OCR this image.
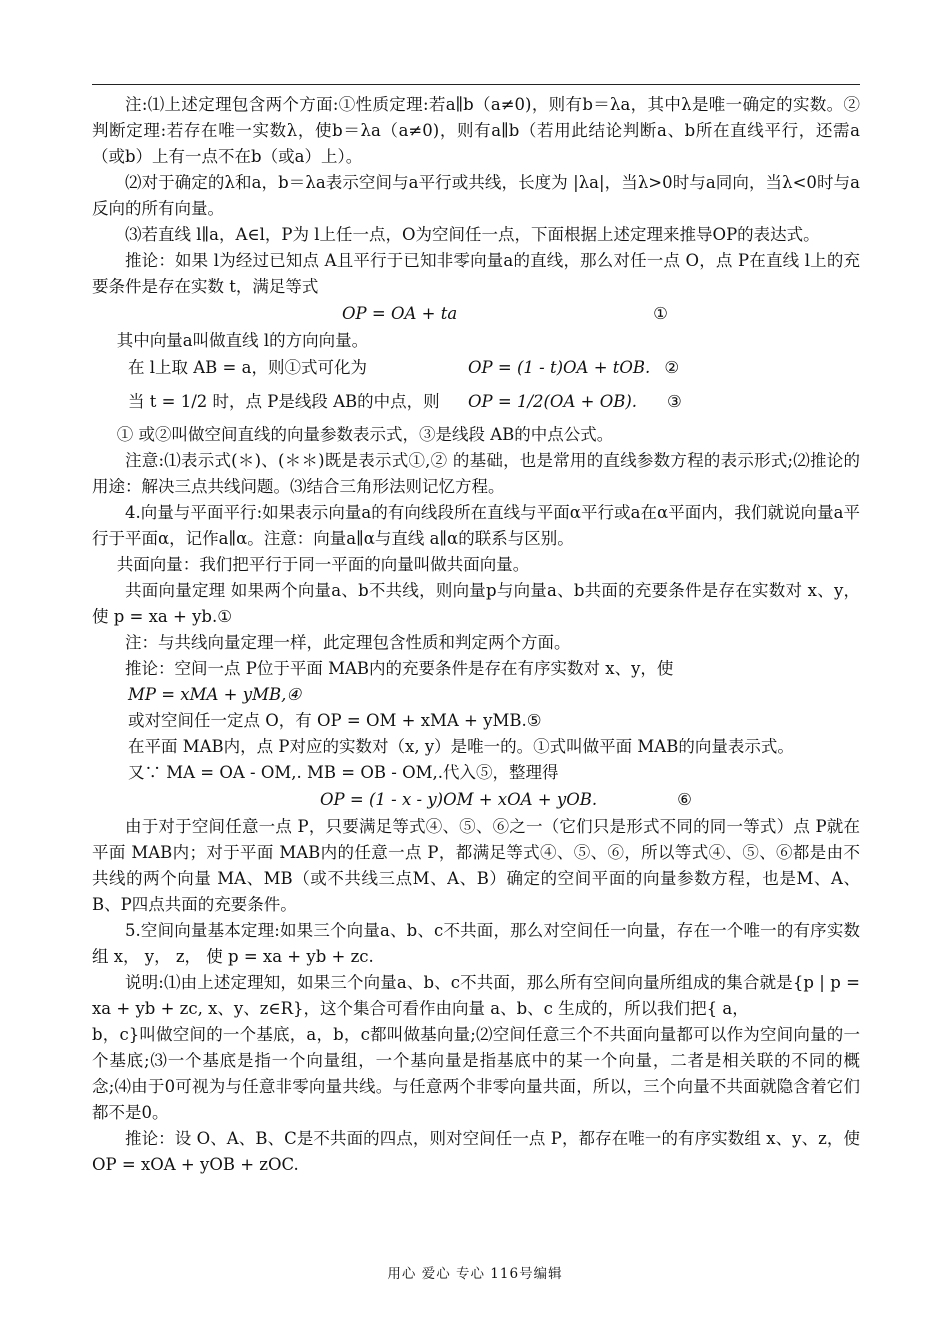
注:⑴上述定理包含两个方面:①性质定理:若a∥b（a≠0)，则有b＝λa，其中λ是唯一确定的实数。②判断定理:若存在唯一实数λ，使b＝λa（a≠0)，则有a∥b（若用此结论判断a、b所在直线平行，还需a（或b）上有一点不在b（或a）上）。

⑵对于确定的λ和a，b＝λa表示空间与a平行或共线，长度为 |λa|，当λ>0时与a同向，当λ<0时与a反向的所有向量。

⑶若直线 l∥a，A∈l，P为 l上任一点，O为空间任一点，下面根据上述定理来推导OP的表达式。

推论：如果 l为经过已知点 A且平行于已知非零向量a的直线，那么对任一点 O，点 P在直线 l上的充要条件是存在实数 t，满足等式

OP = OA + ta	①

其中向量a叫做直线 l的方向向量。

在 l上取 AB = a，则①式可化为	OP = (1 - t)OA + tOB. ②
当 t = 1/2 时，点 P是线段 AB的中点，则	OP = 1/2(OA + OB). ③

① 或②叫做空间直线的向量参数表示式，③是线段 AB的中点公式。

注意:⑴表示式(＊)、(＊＊)既是表示式①,② 的基础，也是常用的直线参数方程的表示形式;⑵推论的用途：解决三点共线问题。⑶结合三角形法则记忆方程。

4.向量与平面平行:如果表示向量a的有向线段所在直线与平面α平行或a在α平面内，我们就说向量a平行于平面α，记作a∥α。注意：向量a∥α与直线 a∥α的联系与区别。

共面向量：我们把平行于同一平面的向量叫做共面向量。

共面向量定理 如果两个向量a、b不共线，则向量p与向量a、b共面的充要条件是存在实数对 x、y，使 p = xa + yb.①

注：与共线向量定理一样，此定理包含性质和判定两个方面。

推论：空间一点 P位于平面 MAB内的充要条件是存在有序实数对 x、y，使

MP = xMA + yMB,④

或对空间任一定点 O，有 OP = OM + xMA + yMB.⑤

在平面 MAB内，点 P对应的实数对（x, y）是唯一的。①式叫做平面 MAB的向量表示式。

又∵ MA = OA - OM,. MB = OB - OM,.代入⑤，整理得

OP = (1 - x - y)OM + xOA + yOB.	⑥

由于对于空间任意一点 P，只要满足等式④、⑤、⑥之一（它们只是形式不同的同一等式）点 P就在平面 MAB内；对于平面 MAB内的任意一点 P，都满足等式④、⑤、⑥，所以等式④、⑤、⑥都是由不共线的两个向量 MA、MB（或不共线三点M、A、B）确定的空间平面的向量参数方程，也是M、A、B、P四点共面的充要条件。

5.空间向量基本定理:如果三个向量a、b、c不共面，那么对空间任一向量，存在一个唯一的有序实数组 x， y， z， 使 p = xa + yb + zc.

说明:⑴由上述定理知，如果三个向量a、b、c不共面，那么所有空间向量所组成的集合就是{p | p = xa + yb + zc, x、y、z∈R}，这个集合可看作由向量 a、b、c 生成的，所以我们把{ a，

b，c}叫做空间的一个基底，a，b，c都叫做基向量;⑵空间任意三个不共面向量都可以作为空间向量的一个基底;⑶一个基底是指一个向量组，一个基向量是指基底中的某一个向量，二者是相关联的不同的概念;⑷由于0可视为与任意非零向量共线。与任意两个非零向量共面，所以，三个向量不共面就隐含着它们都不是0。

推论：设 O、A、B、C是不共面的四点，则对空间任一点 P，都存在唯一的有序实数组 x、y、z，使 OP = xOA + yOB + zOC.

用心 爱心 专心 116号编辑
